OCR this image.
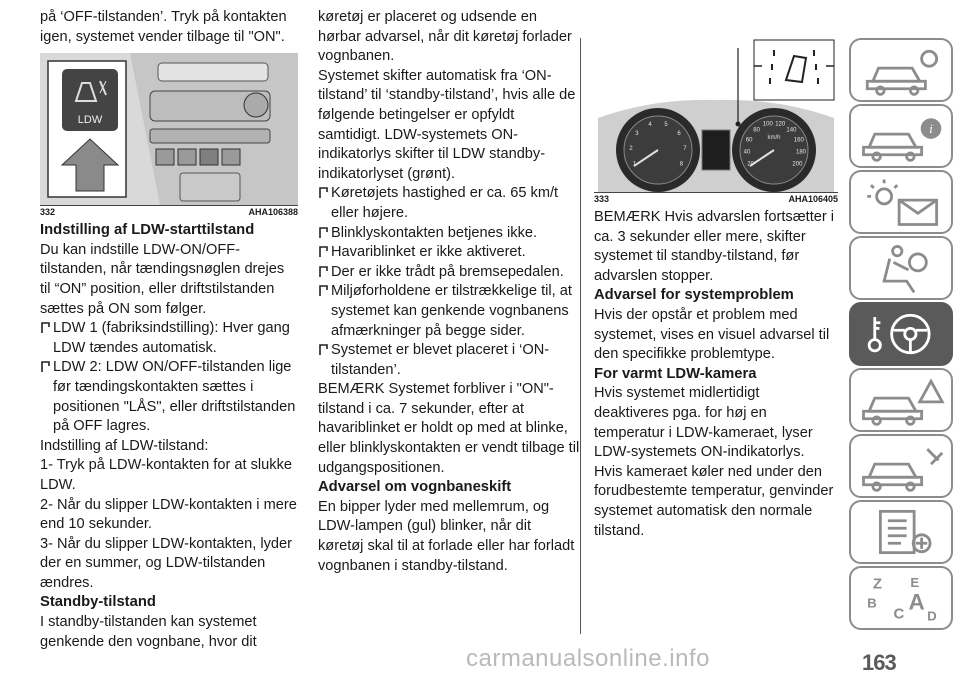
på ‘OFF-tilstanden’. Tryk på kontakten igen, systemet vender tilbage til "ON".

LDW
332	AHA106388

Indstilling af LDW-starttilstand

Du kan indstille LDW-ON/OFF-tilstanden, når tændingsnøglen drejes til “ON” position, eller driftstilstanden sættes på ON som følger.

LDW 1 (fabriksindstilling): Hver gang LDW tændes automatisk.

LDW 2: LDW ON/OFF-tilstanden lige før tændingskontakten sættes i positionen "LÅS", eller driftstilstanden på OFF lagres.

Indstilling af LDW-tilstand:

1- Tryk på LDW-kontakten for at slukke LDW.

2- Når du slipper LDW-kontakten i mere end 10 sekunder.

3- Når du slipper LDW-kontakten, lyder der en summer, og LDW-tilstanden ændres.

Standby-tilstand

I standby-tilstanden kan systemet genkende den vognbane, hvor dit

køretøj er placeret og udsende en hørbar advarsel, når dit køretøj forlader vognbanen.

Systemet skifter automatisk fra ‘ON-tilstand’ til ‘standby-tilstand’, hvis alle de følgende betingelser er opfyldt samtidigt. LDW-systemets ON-indikatorlys skifter til LDW standby-indikatorlyset (grønt).

Køretøjets hastighed er ca. 65 km/t eller højere.

Blinklyskontakten betjenes ikke.

Havariblinket er ikke aktiveret.

Der er ikke trådt på bremsepedalen.

Miljøforholdene er tilstrækkelige til, at systemet kan genkende vognbanens afmærkninger på begge sider.

Systemet er blevet placeret i ‘ON-tilstanden’.

BEMÆRK Systemet forbliver i "ON"-tilstand i ca. 7 sekunder, efter at havariblinket er holdt op med at blinke, eller blinklyskontakten er vendt tilbage til udgangspositionen.

Advarsel om vognbaneskift

En bipper lyder med mellemrum, og LDW-lampen (gul) blinker, når dit køretøj skal til at forlade eller har forladt vognbanen i standby-tilstand.

1
2
3
4 5
6
7
8	20
40
60
80
100 120
140
160
180
200
km/h
333	AHA106405

BEMÆRK Hvis advarslen fortsætter i ca. 3 sekunder eller mere, skifter systemet til standby-tilstand, før advarslen stopper.

Advarsel for systemproblem

Hvis der opstår et problem med systemet, vises en visuel advarsel til den specifikke problemtype.

For varmt LDW-kamera

Hvis systemet midlertidigt deaktiveres pga. for høj en temperatur i LDW-kameraet, lyser LDW-systemets ON-indikatorlys.

Hvis kameraet køler ned under den forudbestemte temperatur, genvinder systemet automatisk den normale tilstand.

i
Z E
B
C A
D
163
carmanualsonline.info
